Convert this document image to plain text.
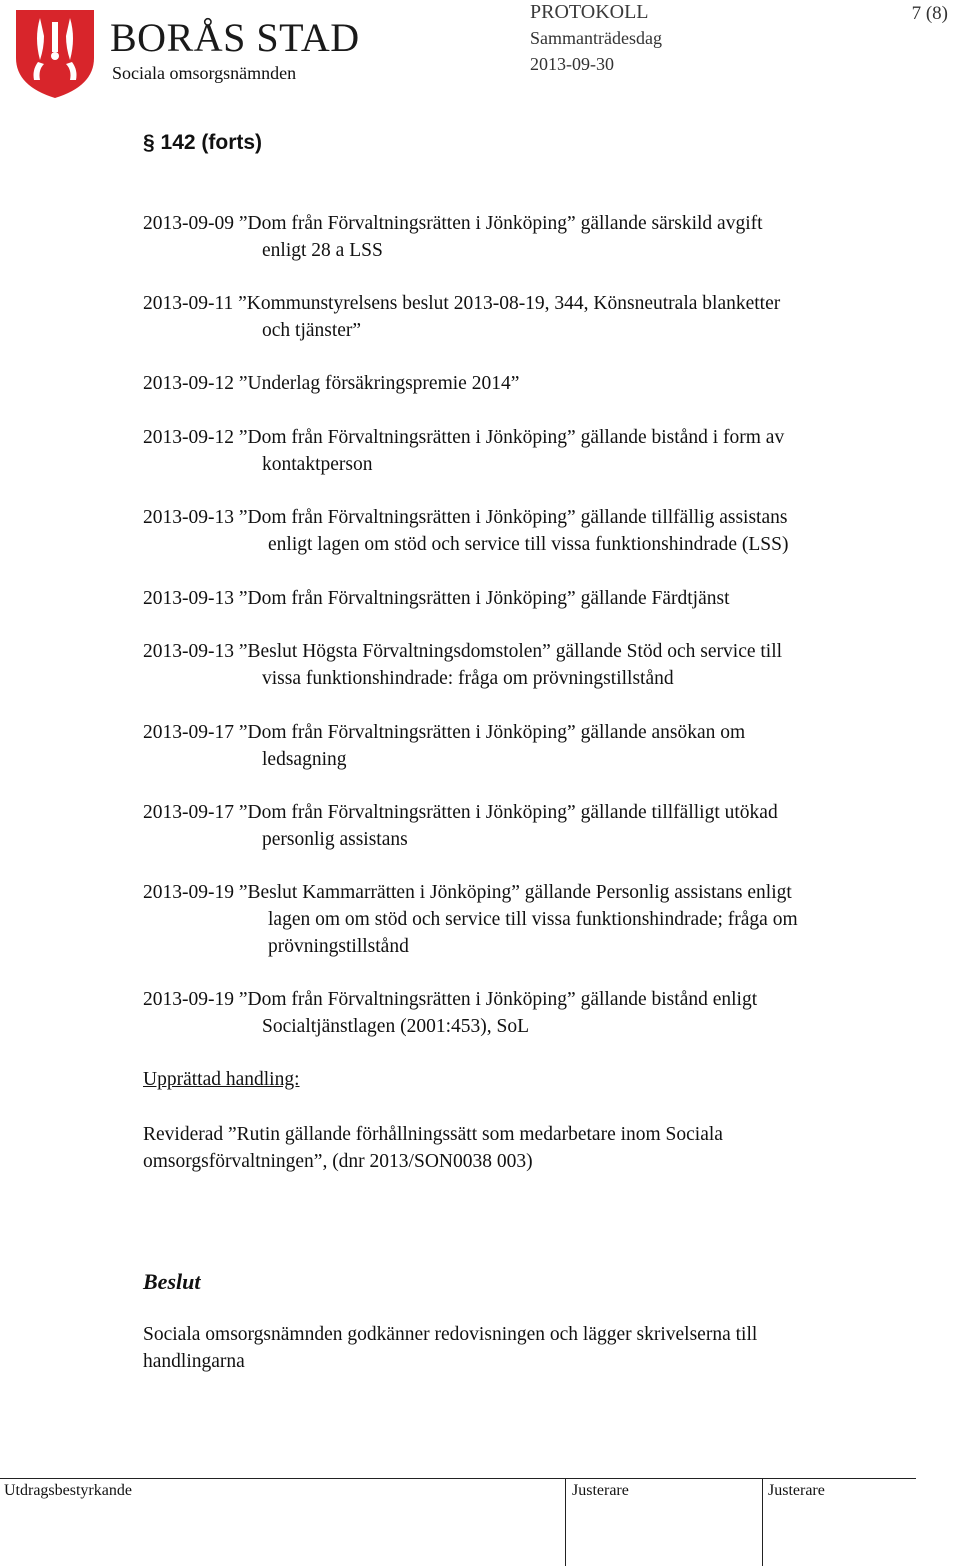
BORÅS STAD
Sociala omsorgsnämnden
PROTOKOLL
Sammanträdesdag
2013-09-30
7 (8)
§ 142 (forts)
2013-09-09 ”Dom från Förvaltningsrätten i Jönköping” gällande särskild avgift
enligt 28 a LSS
2013-09-11 ”Kommunstyrelsens beslut 2013-08-19, 344, Könsneutrala blanketter
och tjänster”
2013-09-12 ”Underlag försäkringspremie 2014”
2013-09-12 ”Dom från Förvaltningsrätten i Jönköping” gällande bistånd i form av
kontaktperson
2013-09-13 ”Dom från Förvaltningsrätten i Jönköping” gällande tillfällig assistans
enligt lagen om stöd och service till vissa funktionshindrade (LSS)
2013-09-13 ”Dom från Förvaltningsrätten i Jönköping” gällande Färdtjänst
2013-09-13 ”Beslut Högsta Förvaltningsdomstolen” gällande Stöd och service till
vissa funktionshindrade: fråga om prövningstillstånd
2013-09-17 ”Dom från Förvaltningsrätten i Jönköping” gällande ansökan om
ledsagning
2013-09-17 ”Dom från Förvaltningsrätten i Jönköping” gällande tillfälligt utökad
personlig assistans
2013-09-19 ”Beslut Kammarrätten i Jönköping” gällande Personlig assistans enligt
lagen om om stöd och service till vissa funktionshindrade; fråga om
prövningstillstånd
2013-09-19 ”Dom från Förvaltningsrätten i Jönköping” gällande bistånd enligt
Socialtjänstlagen (2001:453), SoL
Upprättad handling:
Reviderad ”Rutin gällande förhållningssätt som medarbetare inom Sociala
omsorgsförvaltningen”, (dnr 2013/SON0038 003)
Beslut
Sociala omsorgsnämnden godkänner redovisningen och lägger skrivelserna till
handlingarna
Utdragsbestyrkande	Justerare	Justerare
